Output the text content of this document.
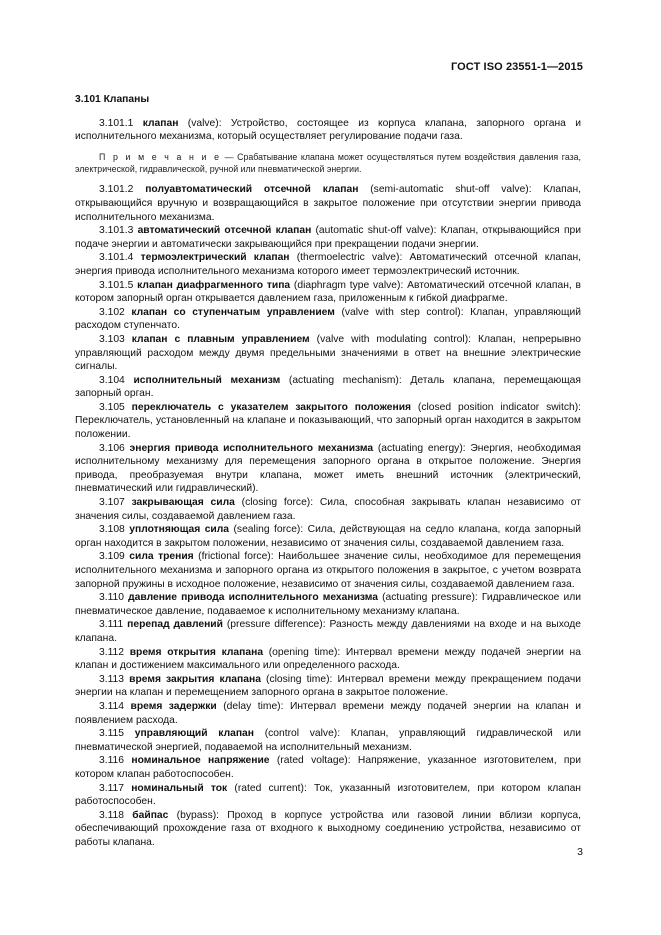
ГОСТ ISO 23551-1—2015

3.101 Клапаны

3.101.1 клапан (valve): Устройство, состоящее из корпуса клапана, запорного органа и исполнительного механизма, который осуществляет регулирование подачи газа.

П р и м е ч а н и е — Срабатывание клапана может осуществляться путем воздействия давления газа, электрической, гидравлической, ручной или пневматической энергии.

3.101.2 полуавтоматический отсечной клапан (semi-automatic shut-off valve): Клапан, открывающийся вручную и возвращающийся в закрытое положение при отсутствии энергии привода исполнительного механизма.

3.101.3 автоматический отсечной клапан (automatic shut-off valve): Клапан, открывающийся при подаче энергии и автоматически закрывающийся при прекращении подачи энергии.

3.101.4 термоэлектрический клапан (thermoelectric valve): Автоматический отсечной клапан, энергия привода исполнительного механизма которого имеет термоэлектрический источник.

3.101.5 клапан диафрагменного типа (diaphragm type valve): Автоматический отсечной клапан, в котором запорный орган открывается давлением газа, приложенным к гибкой диафрагме.

3.102 клапан со ступенчатым управлением (valve with step control): Клапан, управляющий расходом ступенчато.

3.103 клапан с плавным управлением (valve with modulating control): Клапан, непрерывно управляющий расходом между двумя предельными значениями в ответ на внешние электрические сигналы.

3.104 исполнительный механизм (actuating mechanism): Деталь клапана, перемещающая запорный орган.

3.105 переключатель с указателем закрытого положения (closed position indicator switch): Переключатель, установленный на клапане и показывающий, что запорный орган находится в закрытом положении.

3.106 энергия привода исполнительного механизма (actuating energy): Энергия, необходимая исполнительному механизму для перемещения запорного органа в открытое положение. Энергия привода, преобразуемая внутри клапана, может иметь внешний источник (электрический, пневматический или гидравлический).

3.107 закрывающая сила (closing force): Сила, способная закрывать клапан независимо от значения силы, создаваемой давлением газа.

3.108 уплотняющая сила (sealing force): Сила, действующая на седло клапана, когда запорный орган находится в закрытом положении, независимо от значения силы, создаваемой давлением газа.

3.109 сила трения (frictional force): Наибольшее значение силы, необходимое для перемещения исполнительного механизма и запорного органа из открытого положения в закрытое, с учетом возврата запорной пружины в исходное положение, независимо от значения силы, создаваемой давлением газа.

3.110 давление привода исполнительного механизма (actuating pressure): Гидравлическое или пневматическое давление, подаваемое к исполнительному механизму клапана.

3.111 перепад давлений (pressure difference): Разность между давлениями на входе и на выходе клапана.

3.112 время открытия клапана (opening time): Интервал времени между подачей энергии на клапан и достижением максимального или определенного расхода.

3.113 время закрытия клапана (closing time): Интервал времени между прекращением подачи энергии на клапан и перемещением запорного органа в закрытое положение.

3.114 время задержки (delay time): Интервал времени между подачей энергии на клапан и появлением расхода.

3.115 управляющий клапан (control valve): Клапан, управляющий гидравлической или пневматической энергией, подаваемой на исполнительный механизм.

3.116 номинальное напряжение (rated voltage): Напряжение, указанное изготовителем, при котором клапан работоспособен.

3.117 номинальный ток (rated current): Ток, указанный изготовителем, при котором клапан работоспособен.

3.118 байпас (bypass): Проход в корпусе устройства или газовой линии вблизи корпуса, обеспечивающий прохождение газа от входного к выходному соединению устройства, независимо от работы клапана.

3
